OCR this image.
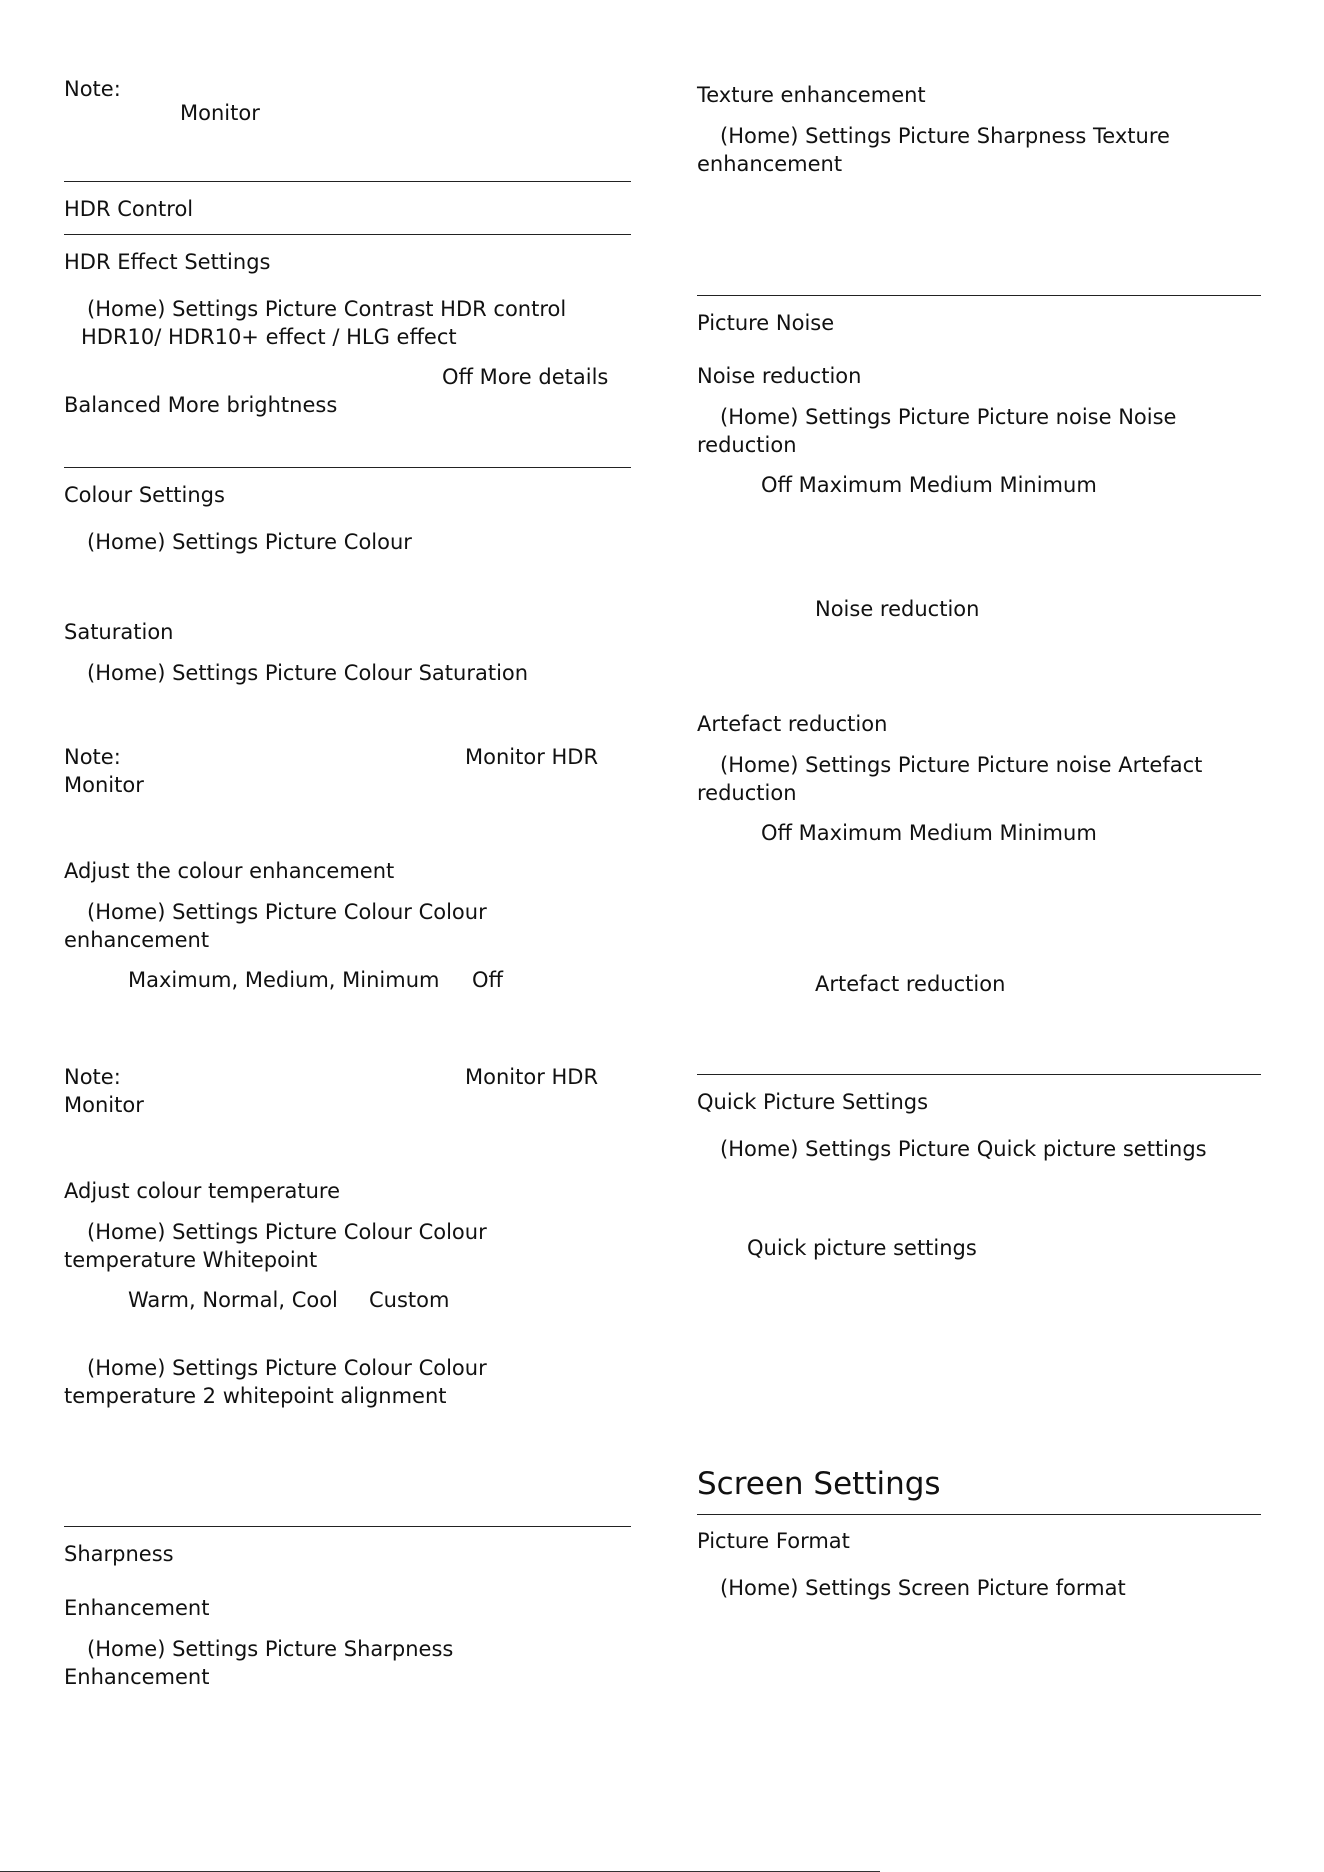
Note:
Monitor
HDR Control
HDR Effect Settings
(Home) Settings Picture Contrast HDR control
HDR10/ HDR10+ effect / HLG effect
Off More details
Balanced More brightness
Colour Settings
(Home) Settings Picture Colour
Saturation
(Home) Settings Picture Colour Saturation
Note:	Monitor HDR
Monitor
Adjust the colour enhancement
(Home) Settings Picture Colour Colour
enhancement
Maximum, Medium, Minimum Off
Note:	Monitor HDR
Monitor
Adjust colour temperature
(Home) Settings Picture Colour Colour
temperature Whitepoint
Warm, Normal, Cool Custom
(Home) Settings Picture Colour Colour
temperature 2 whitepoint alignment
Sharpness
Enhancement
(Home) Settings Picture Sharpness
Enhancement
Texture enhancement
(Home) Settings Picture Sharpness Texture
enhancement
Picture Noise
Noise reduction
(Home) Settings Picture Picture noise Noise
reduction
Off Maximum Medium Minimum
Noise reduction
Artefact reduction
(Home) Settings Picture Picture noise Artefact
reduction
Off Maximum Medium Minimum
Artefact reduction
Quick Picture Settings
(Home) Settings Picture Quick picture settings
Quick picture settings
Screen Settings
Picture Format
(Home) Settings Screen Picture format
